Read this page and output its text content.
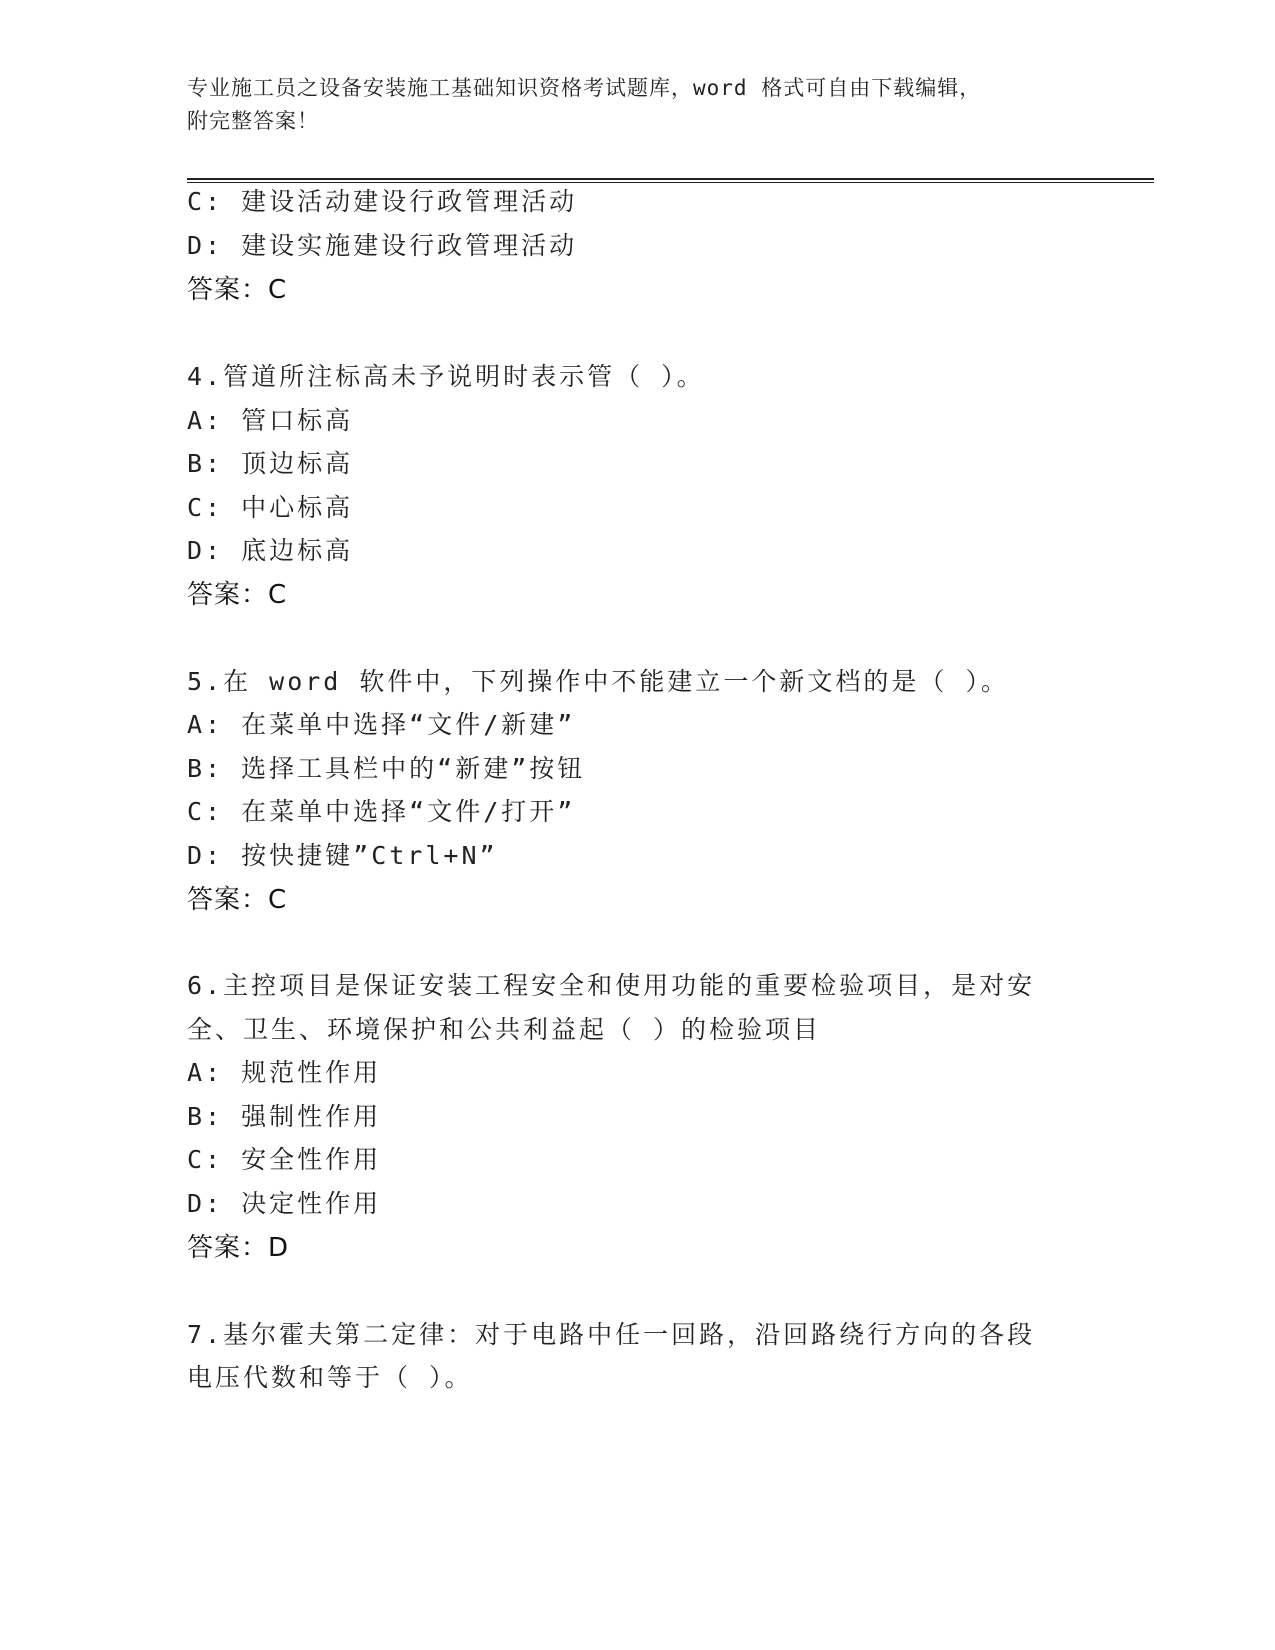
专业施工员之设备安装施工基础知识资格考试题库，word 格式可自由下载编辑，
附完整答案！
C: 建设活动建设行政管理活动
D: 建设实施建设行政管理活动
答案：C
4.管道所注标高未予说明时表示管（ ）。
A: 管口标高
B: 顶边标高
C: 中心标高
D: 底边标高
答案：C
5.在 word 软件中，下列操作中不能建立一个新文档的是（ ）。
A: 在菜单中选择“文件/新建”
B: 选择工具栏中的“新建”按钮
C: 在菜单中选择“文件/打开”
D: 按快捷键”Ctrl+N”
答案：C
6.主控项目是保证安装工程安全和使用功能的重要检验项目，是对安
全、卫生、环境保护和公共利益起（ ）的检验项目
A: 规范性作用
B: 强制性作用
C: 安全性作用
D: 决定性作用
答案：D
7.基尔霍夫第二定律：对于电路中任一回路，沿回路绕行方向的各段
电压代数和等于（ ）。
